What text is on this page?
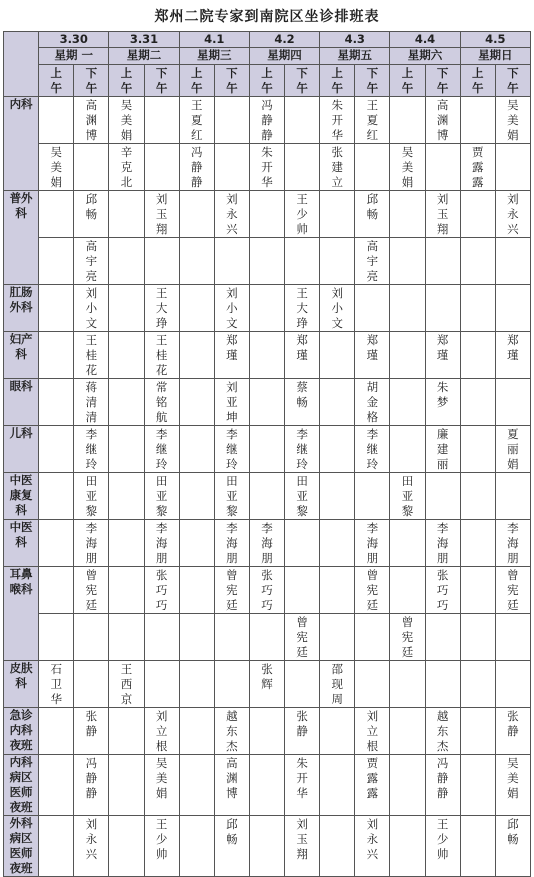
郑州二院专家到南院区坐诊排班表
	3.30		3.31		4.1		4.2		4.3		4.4		4.5	
	星期 一		星期二		星期三		星期四		星期五		星期六		星期日	
	上午	下午	上午	下午	上午	下午	上午	下午	上午	下午	上午	下午	上午	下午
内科		高渊博	吴美娟		王夏红		冯静静		朱开华	王夏红		高渊博		吴美娟
	吴美娟		辛克北		冯静静		朱开华		张建立		吴美娟		贾露露	
普外科		邱畅		刘玉翔		刘永兴		王少帅		邱畅		刘玉翔		刘永兴
		高宇亮								高宇亮				
肛肠外科		刘小文		王大琤		刘小文		王大琤	刘小文					
妇产科		王桂花		王桂花		郑瑾		郑瑾		郑瑾		郑瑾		郑瑾
眼科		蒋清清		常铭航		刘亚坤		蔡畅		胡金格		朱梦		
儿科		李继玲		李继玲		李继玲		李继玲		李继玲		廉建丽		夏丽娟
中医康复科		田亚黎		田亚黎		田亚黎		田亚黎			田亚黎			
中医科		李海朋		李海朋		李海朋	李海朋			李海朋		李海朋		李海朋
耳鼻喉科		曾宪廷		张巧巧		曾宪廷	张巧巧			曾宪廷		张巧巧		曾宪廷
								曾宪廷			曾宪廷			
皮肤科	石卫华		王西京				张辉		邵现周					
急诊内科夜班		张静		刘立根		越东杰		张静		刘立根		越东杰		张静
内科病区医师夜班		冯静静		吴美娟		高渊博		朱开华		贾露露		冯静静		吴美娟
外科病区医师夜班		刘永兴		王少帅		邱畅		刘玉翔		刘永兴		王少帅		邱畅
